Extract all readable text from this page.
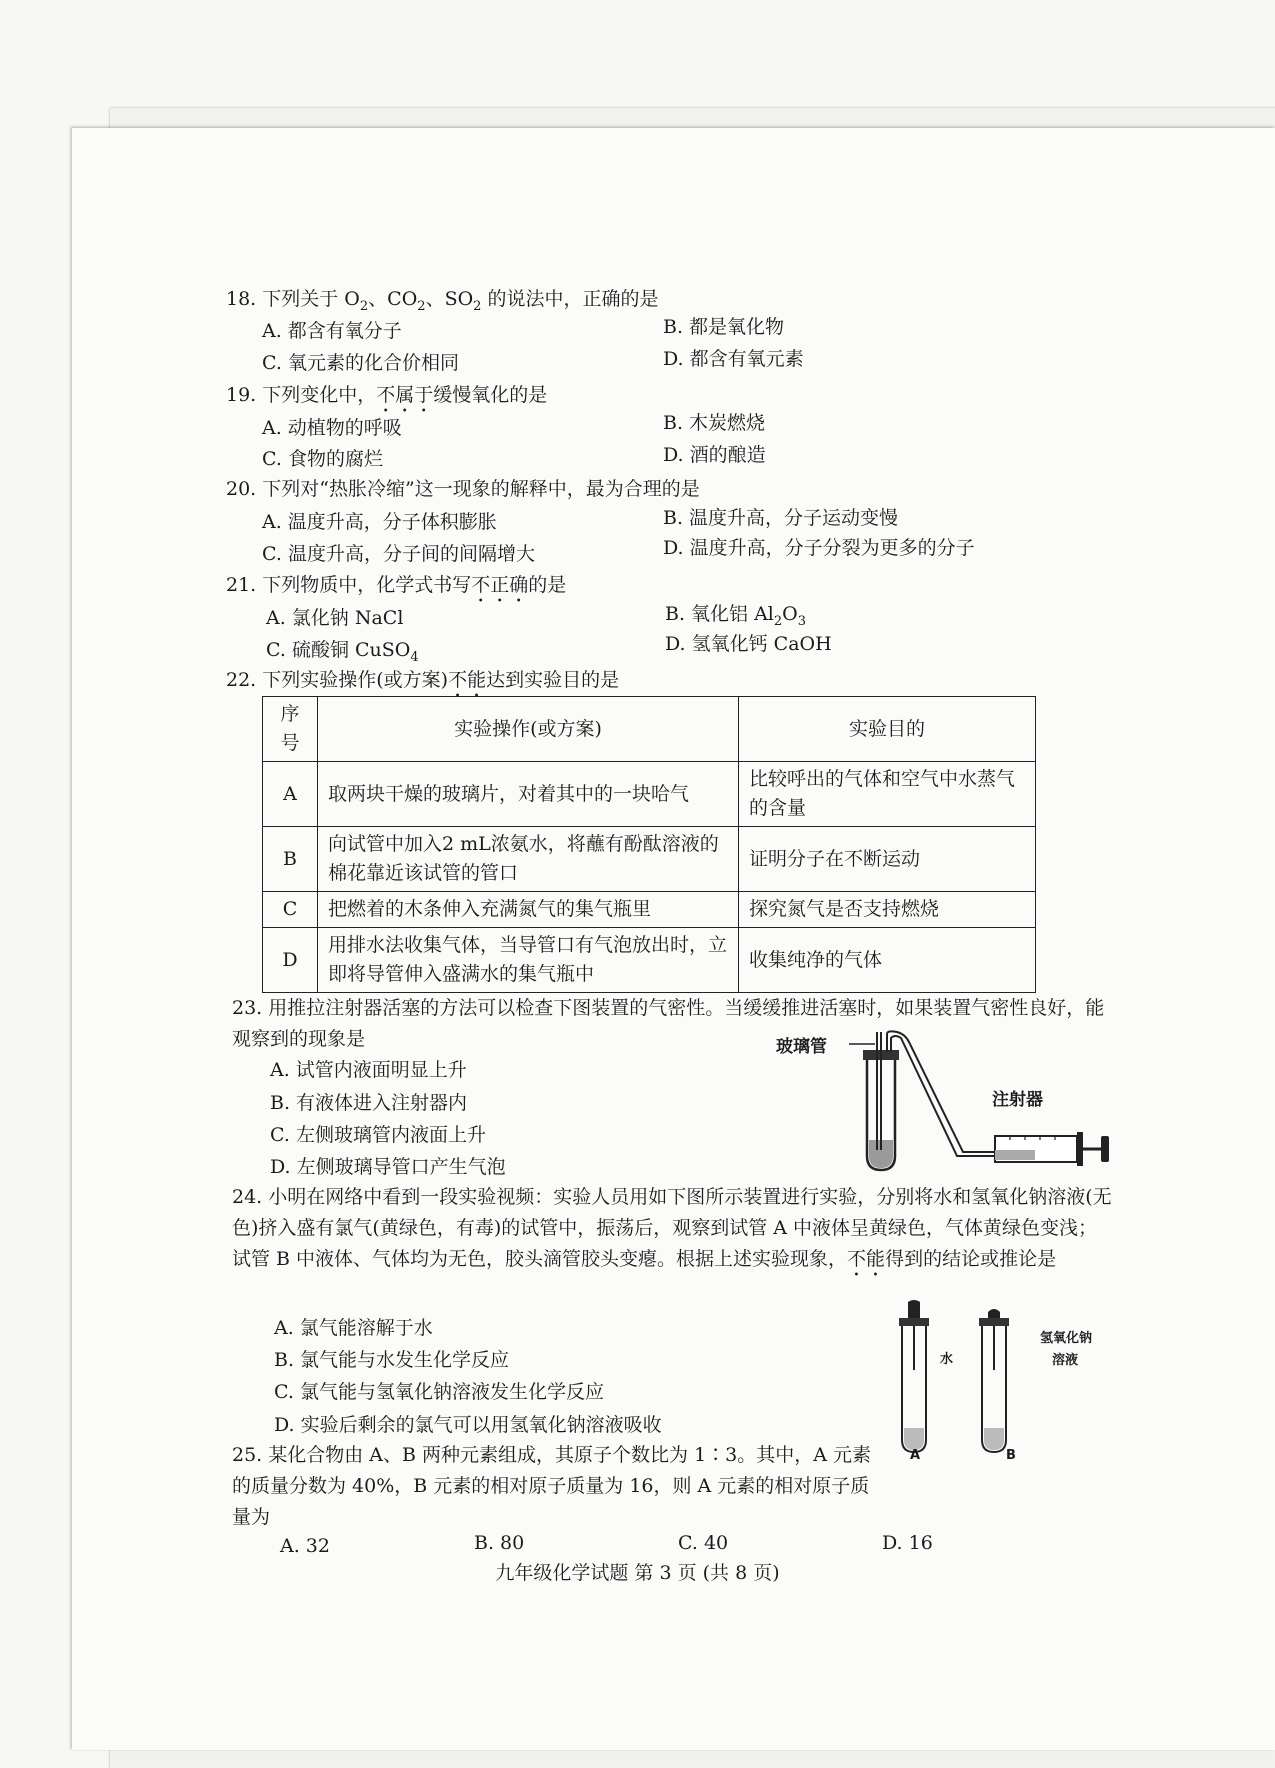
18. 下列关于 $O_2$、$CO_2$、$SO_2$ 的说法中，正确的是
A. 都含有氧分子	B. 都是氧化物
C. 氧元素的化合价相同	D. 都含有氧元素
19. 下列变化中，不属于缓慢氧化的是
A. 动植物的呼吸	B. 木炭燃烧
C. 食物的腐烂	D. 酒的酿造
20. 下列对“热胀冷缩”这一现象的解释中，最为合理的是
A. 温度升高，分子体积膨胀	B. 温度升高，分子运动变慢
C. 温度升高，分子间的间隔增大	D. 温度升高，分子分裂为更多的分子
21. 下列物质中，化学式书写不正确的是
A. 氯化钠 NaCl	B. 氧化铝 $Al_2O_3$
C. 硫酸铜 CuSO$_4$
D. 氢氧化钙 CaOH
22. 下列实验操作(或方案)不能达到实验目的是
序号	实验操作(或方案)	实验目的
A	取两块干燥的玻璃片，对着其中的一块哈气	比较呼出的气体和空气中水蒸气的含量
B	向试管中加入2 mL浓氨水，将蘸有酚酞溶液的棉花靠近该试管的管口	证明分子在不断运动
C	把燃着的木条伸入充满氮气的集气瓶里	探究氮气是否支持燃烧
D	用排水法收集气体，当导管口有气泡放出时，立即将导管伸入盛满水的集气瓶中	收集纯净的气体
23. 用推拉注射器活塞的方法可以检查下图装置的气密性。当缓缓推进活塞时，如果装置气密性良好，能观察到的现象是
A. 试管内液面明显上升
B. 有液体进入注射器内
C. 左侧玻璃管内液面上升
D. 左侧玻璃导管口产生气泡
玻璃管
注射器
24. 小明在网络中看到一段实验视频：实验人员用如下图所示装置进行实验，分别将水和氢氧化钠溶液(无色)挤入盛有氯气(黄绿色，有毒)的试管中，振荡后，观察到试管 A 中液体呈黄绿色，气体黄绿色变浅；试管 B 中液体、气体均为无色，胶头滴管胶头变瘪。根据上述实验现象，不能得到的结论或推论是
A. 氯气能溶解于水
B. 氯气能与水发生化学反应
C. 氯气能与氢氧化钠溶液发生化学反应
D. 实验后剩余的氯气可以用氢氧化钠溶液吸收
水
氢氧化钠
溶液
A	B
25. 某化合物由 A、B 两种元素组成，其原子个数比为 1∶3。其中，A 元素的质量分数为 40%，B 元素的相对原子质量为 16，则 A 元素的相对原子质量为
A. 32	B. 80	C. 40	D. 16
九年级化学试题 第 3 页 (共 8 页)
